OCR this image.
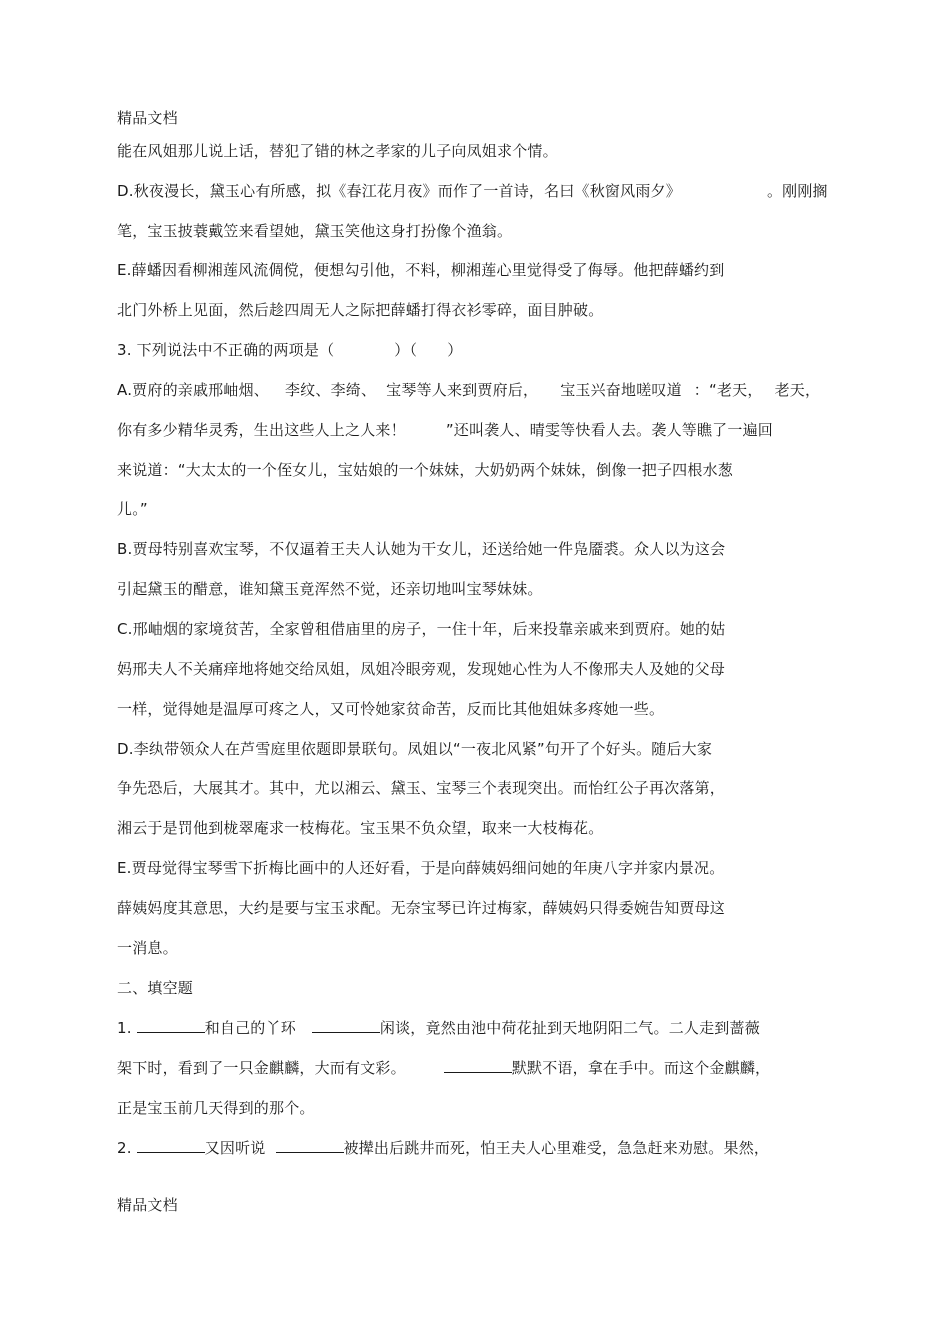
精品文档
能在风姐那儿说上话，替犯了错的林之孝家的儿子向凤姐求个情。
D.秋夜漫长，黛玉心有所感，拟《春江花月夜》而作了一首诗，名曰《秋窗风雨夕》	。刚刚搁
笔，宝玉披蓑戴笠来看望她，黛玉笑他这身打扮像个渔翁。
E.薛蟠因看柳湘莲风流倜傥，便想勾引他，不料，柳湘莲心里觉得受了侮辱。他把薛蟠约到
北门外桥上见面，然后趁四周无人之际把薛蟠打得衣衫零碎，面目肿破。
3. 下列说法中不正确的两项是（	）（ ）
A.贾府的亲戚邢岫烟、 李纹、李绮、 宝琴等人来到贾府后， 宝玉兴奋地嗟叹道 ：“老天， 老天，
你有多少精华灵秀，生出这些人上之人来！	”还叫袭人、晴雯等快看人去。袭人等瞧了一遍回
来说道：“大太太的一个侄女儿，宝姑娘的一个妹妹，大奶奶两个妹妹，倒像一把子四根水葱
儿。”
B.贾母特别喜欢宝琴，不仅逼着王夫人认她为干女儿，还送给她一件凫靥裘。众人以为这会
引起黛玉的醋意，谁知黛玉竟浑然不觉，还亲切地叫宝琴妹妹。
C.邢岫烟的家境贫苦，全家曾租借庙里的房子，一住十年，后来投靠亲戚来到贾府。她的姑
妈邢夫人不关痛痒地将她交给凤姐，凤姐冷眼旁观，发现她心性为人不像邢夫人及她的父母
一样，觉得她是温厚可疼之人，又可怜她家贫命苦，反而比其他姐妹多疼她一些。
D.李纨带领众人在芦雪庭里依题即景联句。凤姐以“一夜北风紧”句开了个好头。随后大家
争先恐后，大展其才。其中，尤以湘云、黛玉、宝琴三个表现突出。而怡红公子再次落第，
湘云于是罚他到栊翠庵求一枝梅花。宝玉果不负众望，取来一大枝梅花。
E.贾母觉得宝琴雪下折梅比画中的人还好看，于是向薛姨妈细问她的年庚八字并家内景况。
薛姨妈度其意思，大约是要与宝玉求配。无奈宝琴已许过梅家，薛姨妈只得委婉告知贾母这
一消息。
二、填空题
1.	和自己的丫环	闲谈，竟然由池中荷花扯到天地阴阳二气。二人走到蔷薇
架下时，看到了一只金麒麟，大而有文彩。	默默不语，拿在手中。而这个金麒麟，
正是宝玉前几天得到的那个。
2.	又因听说	被撵出后跳井而死，怕王夫人心里难受，急急赶来劝慰。果然，
精品文档
